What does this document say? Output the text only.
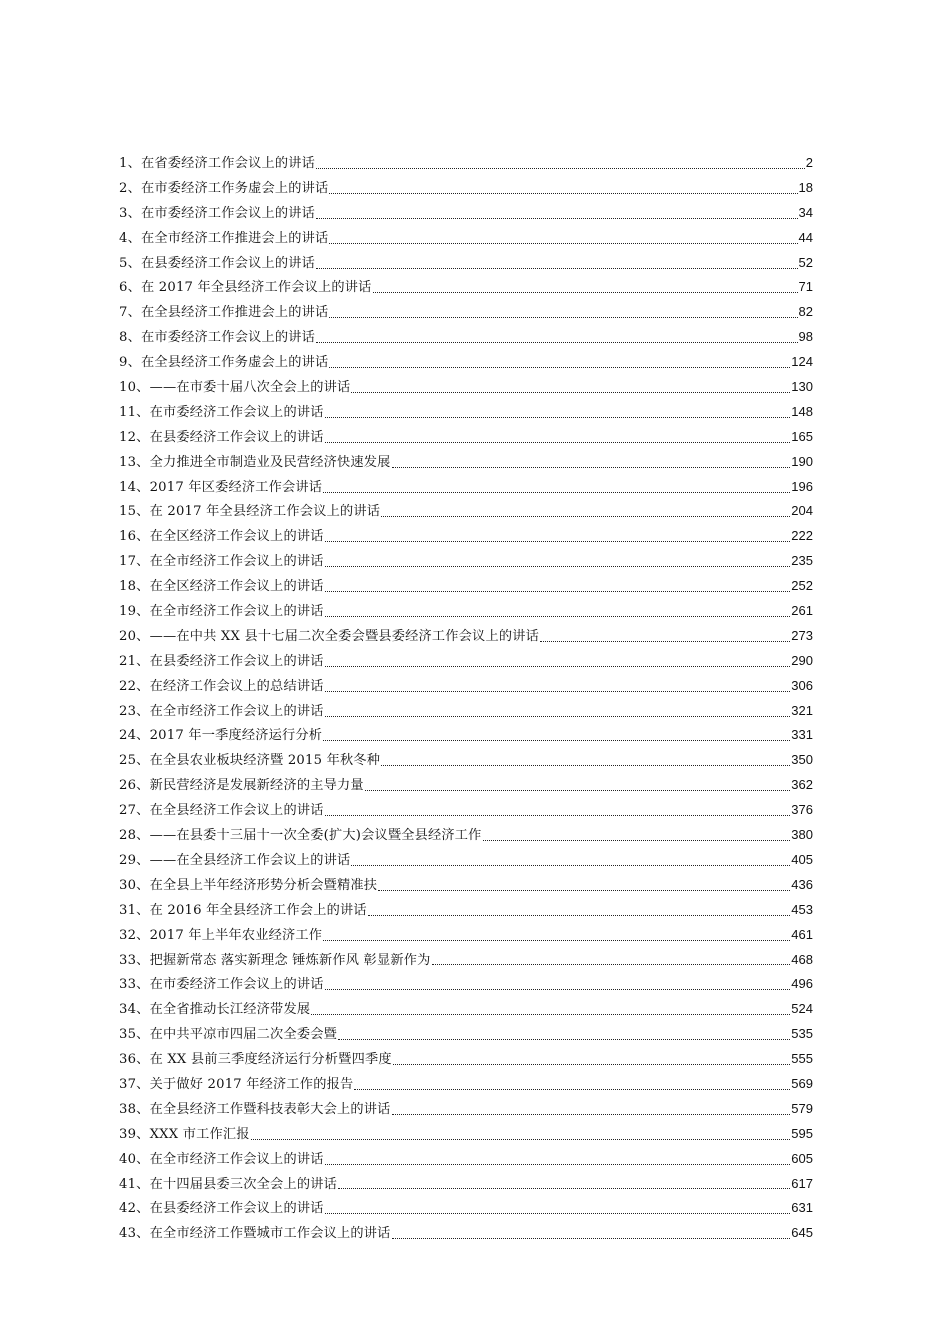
1、在省委经济工作会议上的讲话	2
2、在市委经济工作务虚会上的讲话	18
3、在市委经济工作会议上的讲话	34
4、在全市经济工作推进会上的讲话	44
5、在县委经济工作会议上的讲话	52
6、在 2017 年全县经济工作会议上的讲话	71
7、在全县经济工作推进会上的讲话	82
8、在市委经济工作会议上的讲话	98
9、在全县经济工作务虚会上的讲话	124
10、——在市委十届八次全会上的讲话	130
11、在市委经济工作会议上的讲话	148
12、在县委经济工作会议上的讲话	165
13、全力推进全市制造业及民营经济快速发展	190
14、2017 年区委经济工作会讲话	196
15、在 2017 年全县经济工作会议上的讲话	204
16、在全区经济工作会议上的讲话	222
17、在全市经济工作会议上的讲话	235
18、在全区经济工作会议上的讲话	252
19、在全市经济工作会议上的讲话	261
20、——在中共 XX 县十七届二次全委会暨县委经济工作会议上的讲话	273
21、在县委经济工作会议上的讲话	290
22、在经济工作会议上的总结讲话	306
23、在全市经济工作会议上的讲话	321
24、2017 年一季度经济运行分析	331
25、在全县农业板块经济暨 2015 年秋冬种	350
26、新民营经济是发展新经济的主导力量	362
27、在全县经济工作会议上的讲话	376
28、——在县委十三届十一次全委(扩大)会议暨全县经济工作	380
29、——在全县经济工作会议上的讲话	405
30、在全县上半年经济形势分析会暨精准扶	436
31、在 2016 年全县经济工作会上的讲话	453
32、2017 年上半年农业经济工作	461
33、把握新常态 落实新理念 锤炼新作风 彰显新作为	468
33、在市委经济工作会议上的讲话	496
34、在全省推动长江经济带发展	524
35、在中共平凉市四届二次全委会暨	535
36、在 XX 县前三季度经济运行分析暨四季度	555
37、关于做好 2017 年经济工作的报告	569
38、在全县经济工作暨科技表彰大会上的讲话	579
39、XXX 市工作汇报	595
40、在全市经济工作会议上的讲话	605
41、在十四届县委三次全会上的讲话	617
42、在县委经济工作会议上的讲话	631
43、在全市经济工作暨城市工作会议上的讲话	645
